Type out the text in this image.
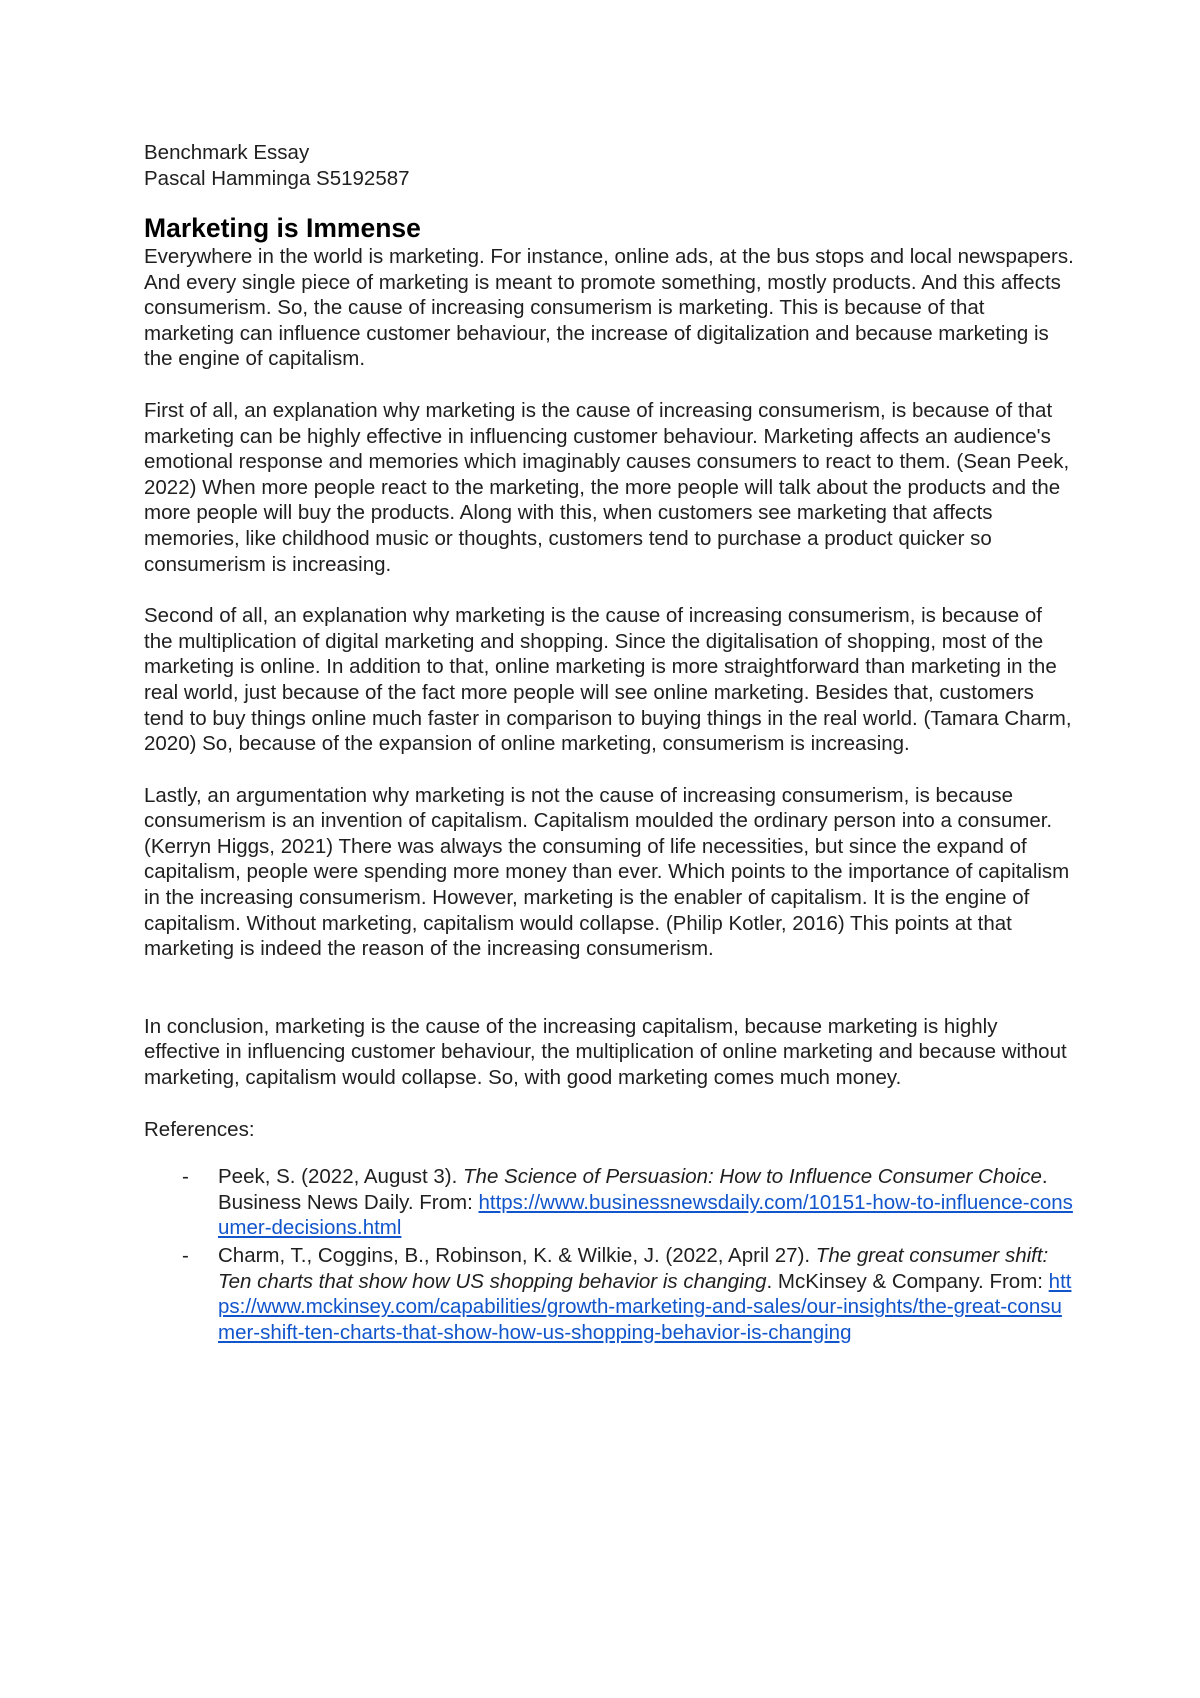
Benchmark Essay

Pascal Hamminga S5192587

Marketing is Immense

Everywhere in the world is marketing. For instance, online ads, at the bus stops and local newspapers. And every single piece of marketing is meant to promote something, mostly products. And this affects consumerism. So, the cause of increasing consumerism is marketing. This is because of that marketing can influence customer behaviour, the increase of digitalization and because marketing is the engine of capitalism.

First of all, an explanation why marketing is the cause of increasing consumerism, is because of that marketing can be highly effective in influencing customer behaviour. Marketing affects an audience's emotional response and memories which imaginably causes consumers to react to them. (Sean Peek, 2022) When more people react to the marketing, the more people will talk about the products and the more people will buy the products. Along with this, when customers see marketing that affects memories, like childhood music or thoughts, customers tend to purchase a product quicker so consumerism is increasing.

Second of all, an explanation why marketing is the cause of increasing consumerism, is because of the multiplication of digital marketing and shopping. Since the digitalisation of shopping, most of the marketing is online. In addition to that, online marketing is more straightforward than marketing in the real world, just because of the fact more people will see online marketing. Besides that, customers tend to buy things online much faster in comparison to buying things in the real world. (Tamara Charm, 2020) So, because of the expansion of online marketing, consumerism is increasing.

Lastly, an argumentation why marketing is not the cause of increasing consumerism, is because consumerism is an invention of capitalism. Capitalism moulded the ordinary person into a consumer. (Kerryn Higgs, 2021) There was always the consuming of life necessities, but since the expand of capitalism, people were spending more money than ever. Which points to the importance of capitalism in the increasing consumerism. However, marketing is the enabler of capitalism. It is the engine of capitalism. Without marketing, capitalism would collapse. (Philip Kotler, 2016) This points at that marketing is indeed the reason of the increasing consumerism.

In conclusion, marketing is the cause of the increasing capitalism, because marketing is highly effective in influencing customer behaviour, the multiplication of online marketing and because without marketing, capitalism would collapse. So, with good marketing comes much money.

References:

- Peek, S. (2022, August 3). The Science of Persuasion: How to Influence Consumer Choice. Business News Daily. From: https://www.businessnewsdaily.com/10151-how-to-influence-consumer-decisions.html
- Charm, T., Coggins, B., Robinson, K. & Wilkie, J. (2022, April 27). The great consumer shift: Ten charts that show how US shopping behavior is changing. McKinsey & Company. From: https://www.mckinsey.com/capabilities/growth-marketing-and-sales/our-insights/the-great-consumer-shift-ten-charts-that-show-how-us-shopping-behavior-is-changing
